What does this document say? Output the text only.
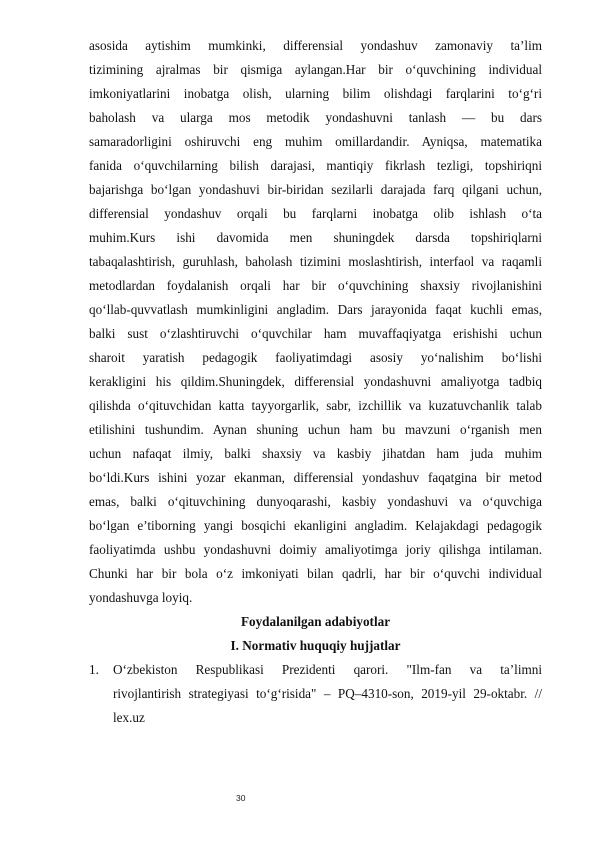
asosida aytishim mumkinki, differensial yondashuv zamonaviy ta’lim
tizimining ajralmas bir qismiga aylangan.Har bir o‘quvchining individual
imkoniyatlarini inobatga olish, ularning bilim olishdagi farqlarini to‘g‘ri
baholash va ularga mos metodik yondashuvni tanlash — bu dars
samaradorligini oshiruvchi eng muhim omillardandir. Ayniqsa, matematika
fanida o‘quvchilarning bilish darajasi, mantiqiy fikrlash tezligi, topshiriqni
bajarishga bo‘lgan yondashuvi bir-biridan sezilarli darajada farq qilgani uchun,
differensial yondashuv orqali bu farqlarni inobatga olib ishlash o‘ta
muhim.Kurs ishi davomida men shuningdek darsda topshiriqlarni
tabaqalashtirish, guruhlash, baholash tizimini moslashtirish, interfaol va raqamli
metodlardan foydalanish orqali har bir o‘quvchining shaxsiy rivojlanishini
qo‘llab-quvvatlash mumkinligini angladim. Dars jarayonida faqat kuchli emas,
balki sust o‘zlashtiruvchi o‘quvchilar ham muvaffaqiyatga erishishi uchun
sharoit yaratish pedagogik faoliyatimdagi asosiy yo‘nalishim bo‘lishi
kerakligini his qildim.Shuningdek, differensial yondashuvni amaliyotga tadbiq
qilishda o‘qituvchidan katta tayyorgarlik, sabr, izchillik va kuzatuvchanlik talab
etilishini tushundim. Aynan shuning uchun ham bu mavzuni o‘rganish men
uchun nafaqat ilmiy, balki shaxsiy va kasbiy jihatdan ham juda muhim
bo‘ldi.Kurs ishini yozar ekanman, differensial yondashuv faqatgina bir metod
emas, balki o‘qituvchining dunyoqarashi, kasbiy yondashuvi va o‘quvchiga
bo‘lgan e’tiborning yangi bosqichi ekanligini angladim. Kelajakdagi pedagogik
faoliyatimda ushbu yondashuvni doimiy amaliyotimga joriy qilishga intilaman.
Chunki har bir bola o‘z imkoniyati bilan qadrli, har bir o‘quvchi individual
yondashuvga loyiq.
Foydalanilgan adabiyotlar
I. Normativ huquqiy hujjatlar
1.	O‘zbekiston Respublikasi Prezidenti qarori. "Ilm-fan va ta’limni
rivojlantirish strategiyasi to‘g‘risida" – PQ–4310-son, 2019-yil 29-oktabr. //
lex.uz
30
